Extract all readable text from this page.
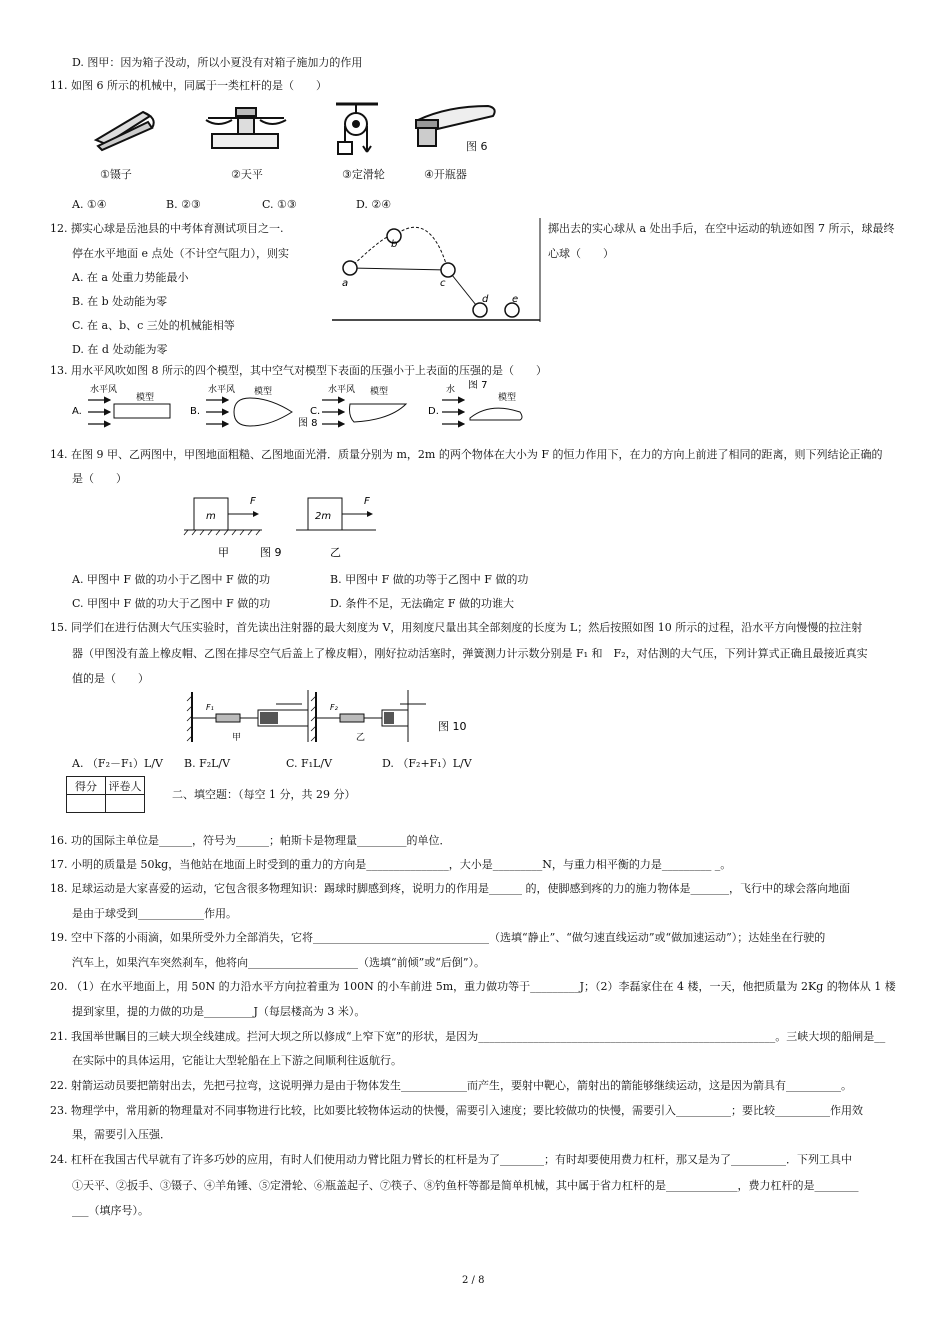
D. 图甲：因为箱子没动，所以小夏没有对箱子施加力的作用
11. 如图 6 所示的机械中，同属于一类杠杆的是（　　）
图 6
①镊子	②天平	③定滑轮	④开瓶器
A. ①④	B. ②③	C. ①③	D. ②④
12. 掷实心球是岳池县的中考体育测试项目之一.	掷出去的实心球从 a 处出手后，在空中运动的轨迹如图 7 所示，球最终
停在水平地面 e 点处（不计空气阻力），则实	心球（　　）
A. 在 a 处重力势能最小
B. 在 b 处动能为零
C. 在 a、b、c 三处的机械能相等
D. 在 d 处动能为零
a
b
c
d e
13. 用水平风吹如图 8 所示的四个模型，其中空气对模型下表面的压强小于上表面的压强的是（　　）
A.
水平风
模型
B.
水平风 模型
图 8
C.
水平风 模型
D.
水 图 7
模型
14. 在图 9 甲、乙两图中，甲图地面粗糙、乙图地面光滑．质量分别为 m，2m 的两个物体在大小为 F 的恒力作用下，在力的方向上前进了相同的距离，则下列结论正确的
是（　　）
m
F
2m
F
甲	图 9	乙
A. 甲图中 F 做的功小于乙图中 F 做的功	B. 甲图中 F 做的功等于乙图中 F 做的功
C. 甲图中 F 做的功大于乙图中 F 做的功	D. 条件不足，无法确定 F 做的功谁大
15. 同学们在进行估测大气压实验时，首先读出注射器的最大刻度为 V，用刻度尺量出其全部刻度的长度为 L；然后按照如图 10 所示的过程，沿水平方向慢慢的拉注射
器（甲图没有盖上橡皮帽、乙图在排尽空气后盖上了橡皮帽），刚好拉动活塞时，弹簧测力计示数分别是 F₁ 和　F₂，对估测的大气压，下列计算式正确且最接近真实
值的是（　　）
F₁
甲
F₂
乙
图 10
A. （F₂－F₁）L/V B. F₂L/V	C. F₁L/V	D. （F₂+F₁）L/V
得分	评卷人

二、填空题：（每空 1 分，共 29 分）
16. 功的国际主单位是______，符号为______；帕斯卡是物理量_________的单位．
17. 小明的质量是 50kg，当他站在地面上时受到的重力的方向是_______________，大小是_________N，与重力相平衡的力是_________ _。
18. 足球运动是大家喜爱的运动，它包含很多物理知识：踢球时脚感到疼，说明力的作用是______ 的，使脚感到疼的力的施力物体是_______，飞行中的球会落向地面
是由于球受到____________作用。
19. 空中下落的小雨滴，如果所受外力全部消失，它将________________________________（选填“静止”、“做匀速直线运动”或“做加速运动”）；达娃坐在行驶的
汽车上，如果汽车突然刹车，他将向____________________（选填“前倾”或“后倒”）。
20. （1）在水平地面上，用 50N 的力沿水平方向拉着重为 100N 的小车前进 5m，重力做功等于_________J；（2）李磊家住在 4 楼，一天，他把质量为 2Kg 的物体从 1 楼
提到家里，提的力做的功是_________J（每层楼高为 3 米）。
21. 我国举世瞩目的三峡大坝全线建成。拦河大坝之所以修成“上窄下宽”的形状，是因为______________________________________________________。三峡大坝的船闸是__
在实际中的具体运用，它能让大型轮船在上下游之间顺利往返航行。
22. 射箭运动员要把箭射出去，先把弓拉弯，这说明弹力是由于物体发生____________而产生，要射中靶心，箭射出的箭能够继续运动，这是因为箭具有__________。
23. 物理学中，常用新的物理量对不同事物进行比较，比如要比较物体运动的快慢，需要引入速度；要比较做功的快慢，需要引入__________；要比较__________作用效
果，需要引入压强．
24. 杠杆在我国古代早就有了许多巧妙的应用，有时人们使用动力臂比阻力臂长的杠杆是为了________；有时却要使用费力杠杆，那又是为了__________．下列工具中
①天平、②扳手、③镊子、④羊角锤、⑤定滑轮、⑥瓶盖起子、⑦筷子、⑧钓鱼杆等都是简单机械，其中属于省力杠杆的是_____________，费力杠杆的是________
___（填序号）。
2 / 8
